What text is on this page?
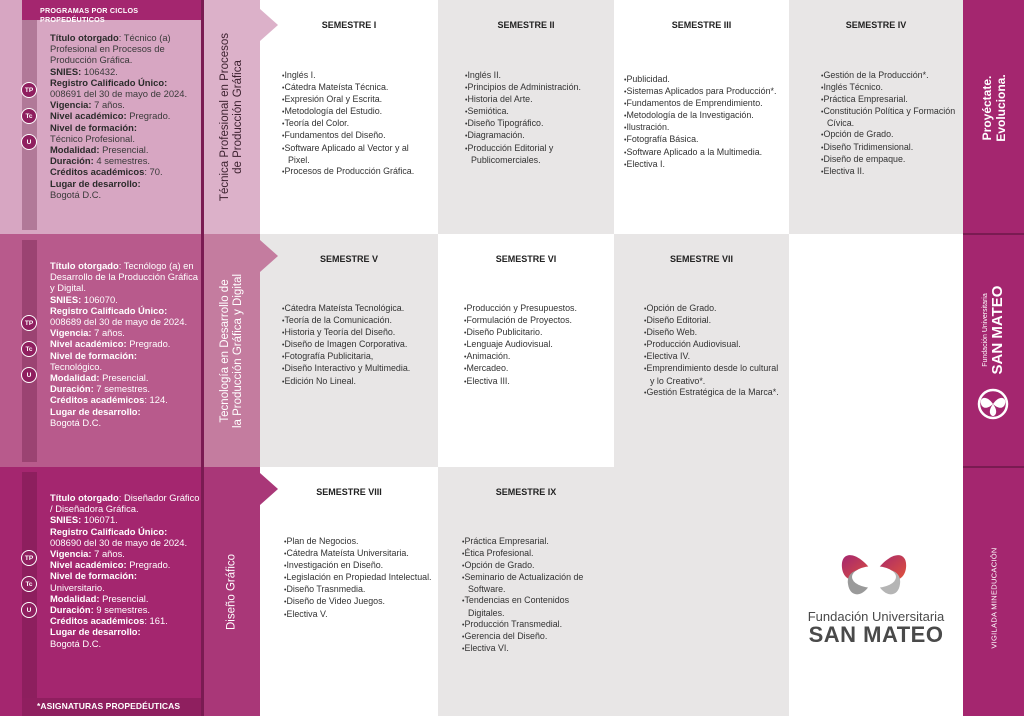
PROGRAMAS POR CICLOS PROPEDÉUTICOS
*ASIGNATURAS PROPEDÉUTICAS
TP
Tc
U
TP
Tc
U
TP
Tc
U
Título otorgado: Técnico (a) Profesional en Procesos de Producción Gráfica.
SNIES: 106432.
Registro Calificado Único:
008691 del 30 de mayo de 2024.
Vigencia: 7 años.
Nivel académico: Pregrado.
Nivel de formación:
Técnico Profesional.
Modalidad: Presencial.
Duración: 4 semestres.
Créditos académicos: 70.
Lugar de desarrollo:
Bogotá D.C.
Título otorgado: Tecnólogo (a) en Desarrollo de la Producción Gráfica y Digital.
SNIES: 106070.
Registro Calificado Único:
008689 del 30 de mayo de 2024.
Vigencia: 7 años.
Nivel académico: Pregrado.
Nivel de formación:
Tecnológico.
Modalidad: Presencial.
Duración: 7 semestres.
Créditos académicos: 124.
Lugar de desarrollo:
Bogotá D.C.
Título otorgado: Diseñador Gráfico / Diseñadora Gráfica.
SNIES: 106071.
Registro Calificado Único:
008690 del 30 de mayo de 2024.
Vigencia: 7 años.
Nivel académico: Pregrado.
Nivel de formación:
Universitario.
Modalidad: Presencial.
Duración: 9 semestres.
Créditos académicos: 161.
Lugar de desarrollo:
Bogotá D.C.
Técnica Profesional en Procesos de Producción Gráfica
Tecnología en Desarrollo de la Producción Gráfica y Digital
Diseño Gráfico
SEMESTRE I
• Inglés I.
• Cátedra Mateísta Técnica.
• Expresión Oral y Escrita.
• Metodología del Estudio.
• Teoría del Color.
• Fundamentos del Diseño.
• Software Aplicado al Vector y al Pixel.
• Procesos de Producción Gráfica.
SEMESTRE II
• Inglés II.
• Principios de Administración.
• Historia del Arte.
• Semiótica.
• Diseño Tipográfico.
• Diagramación.
• Producción Editorial y Publicomerciales.
SEMESTRE III
• Publicidad.
• Sistemas Aplicados para Producción*.
• Fundamentos de Emprendimiento.
• Metodología de la Investigación.
• Ilustración.
• Fotografía Básica.
• Software Aplicado a la Multimedia.
• Electiva I.
SEMESTRE IV
• Gestión de la Producción*.
• Inglés Técnico.
• Práctica Empresarial.
• Constitución Política y Formación Cívica.
• Opción de Grado.
• Diseño Tridimensional.
• Diseño de empaque.
• Electiva II.
SEMESTRE V
• Cátedra Mateísta Tecnológica.
• Teoría de la Comunicación.
• Historia y Teoría del Diseño.
• Diseño de Imagen Corporativa.
• Fotografía Publicitaria,
• Diseño Interactivo y Multimedia.
• Edición No Lineal.
SEMESTRE VI
• Producción y Presupuestos.
• Formulación de Proyectos.
• Diseño Publicitario.
• Lenguaje Audiovisual.
• Animación.
• Mercadeo.
• Electiva III.
SEMESTRE VII
• Opción de Grado.
• Diseño Editorial.
• Diseño Web.
• Producción Audiovisual.
• Electiva IV.
• Emprendimiento desde lo cultural y lo Creativo*.
• Gestión Estratégica de la Marca*.
SEMESTRE VIII
• Plan de Negocios.
• Cátedra Mateísta Universitaria.
• Investigación en Diseño.
• Legislación en Propiedad Intelectual.
• Diseño Trasnmedia.
• Diseño de Video Juegos.
• Electiva V.
SEMESTRE IX
• Práctica Empresarial.
• Ética Profesional.
• Opción de Grado.
• Seminario de Actualización de Software.
• Tendencias en Contenidos Digitales.
• Producción Transmedial.
• Gerencia del Diseño.
• Electiva VI.
Fundación Universitaria
SAN MATEO
Proyéctate. Evoluciona.
Fundación Universitaria SAN MATEO
VIGILADA MINEDUCACIÓN
